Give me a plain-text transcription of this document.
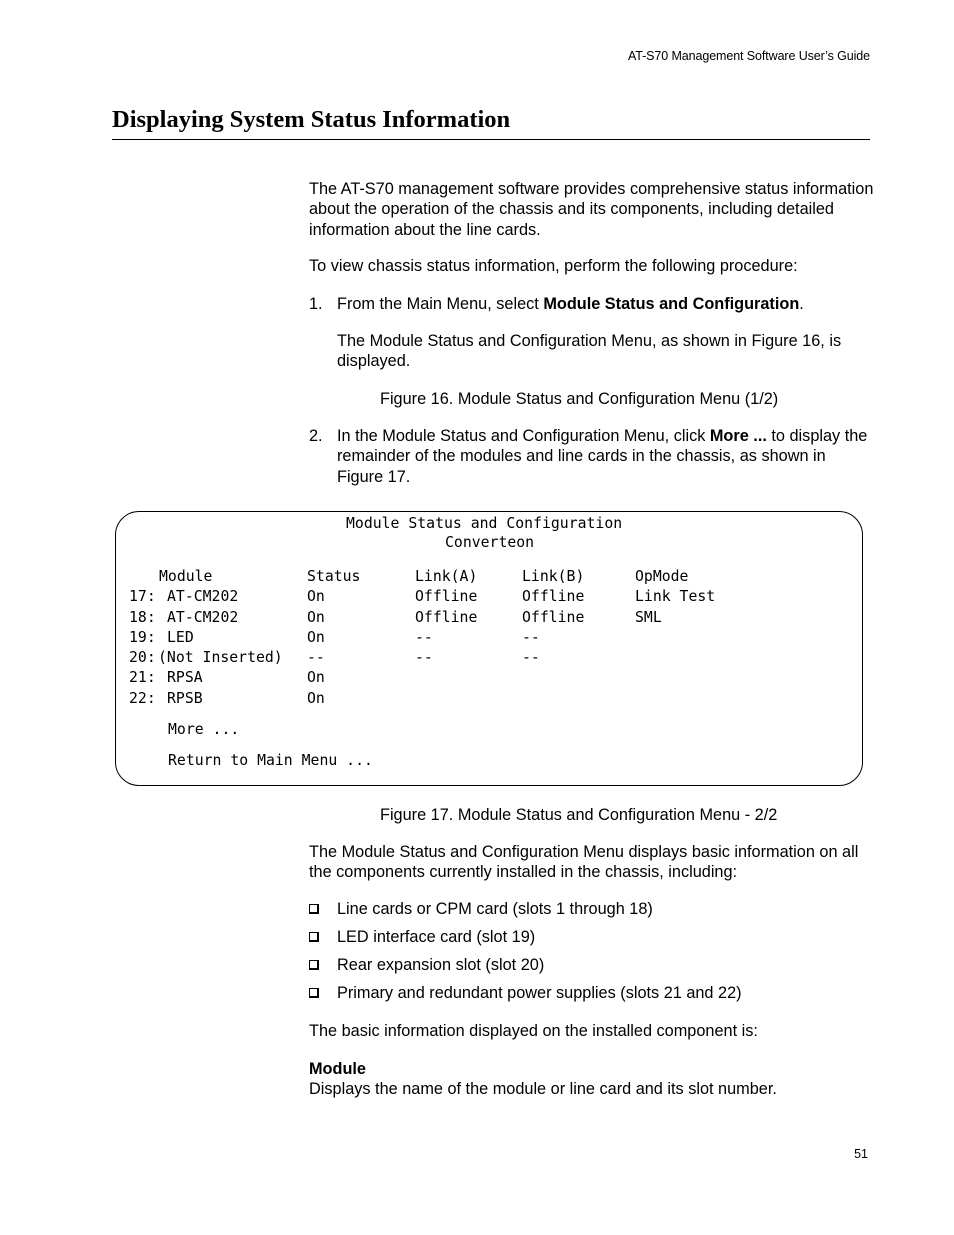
AT-S70 Management Software User’s Guide
Displaying System Status Information

The AT-S70 management software provides comprehensive status information about the operation of the chassis and its components, including detailed information about the line cards.

To view chassis status information, perform the following procedure:

1. From the Main Menu, select Module Status and Configuration.

The Module Status and Configuration Menu, as shown in Figure 16, is displayed.

Figure 16. Module Status and Configuration Menu (1/2)

2. In the Module Status and Configuration Menu, click More ... to display the remainder of the modules and line cards in the chassis, as shown in Figure 17.
Module Status and Configuration
Converteon
Module	Status	Link(A)	Link(B)	OpMode
17: AT-CM202	On	Offline	Offline	Link Test
18: AT-CM202	On	Offline	Offline	SML
19: LED	On	--	--
20: (Not Inserted) --	--	--
21: RPSA	On
22: RPSB	On
More ...
Return to Main Menu ...

Figure 17. Module Status and Configuration Menu - 2/2

The Module Status and Configuration Menu displays basic information on all the components currently installed in the chassis, including:

Line cards or CPM card (slots 1 through 18)
LED interface card (slot 19)
Rear expansion slot (slot 20)
Primary and redundant power supplies (slots 21 and 22)

The basic information displayed on the installed component is:

Module

Displays the name of the module or line card and its slot number.

51
